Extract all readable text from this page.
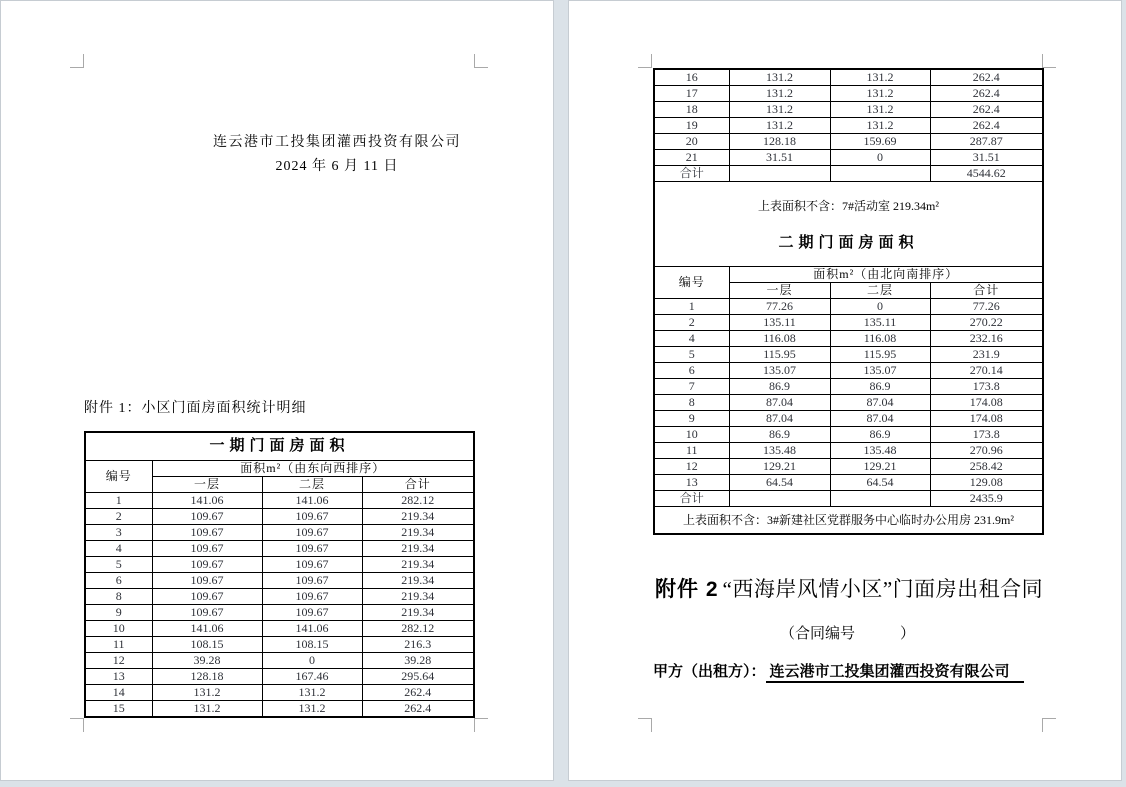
连云港市工投集团灌西投资有限公司
2024 年 6 月 11 日
附件 1：小区门面房面积统计明细
一期门面房面积			
编号	面积m²（由东向西排序）		
	一层	二层	合计
1	141.06	141.06	282.12
2	109.67	109.67	219.34
3	109.67	109.67	219.34
4	109.67	109.67	219.34
5	109.67	109.67	219.34
6	109.67	109.67	219.34
8	109.67	109.67	219.34
9	109.67	109.67	219.34
10	141.06	141.06	282.12
11	108.15	108.15	216.3
12	39.28	0	39.28
13	128.18	167.46	295.64
14	131.2	131.2	262.4
15	131.2	131.2	262.4
16	131.2	131.2	262.4
17	131.2	131.2	262.4
18	131.2	131.2	262.4
19	131.2	131.2	262.4
20	128.18	159.69	287.87
21	31.51	0	31.51
合计			4544.62

上表面积不含：7#活动室 219.34m²
二期门面房面积			

编号	面积m²（由北向南排序）		
	一层	二层	合计
1	77.26	0	77.26
2	135.11	135.11	270.22
4	116.08	116.08	232.16
5	115.95	115.95	231.9
6	135.07	135.07	270.14
7	86.9	86.9	173.8
8	87.04	87.04	174.08
9	87.04	87.04	174.08
10	86.9	86.9	173.8
11	135.48	135.48	270.96
12	129.21	129.21	258.42
13	64.54	64.54	129.08
合计			2435.9
上表面积不含：3#新建社区党群服务中心临时办公用房 231.9m²			
附件 2 “西海岸风情小区”门面房出租合同
（合同编号　　　）
甲方（出租方）： 连云港市工投集团灌西投资有限公司
